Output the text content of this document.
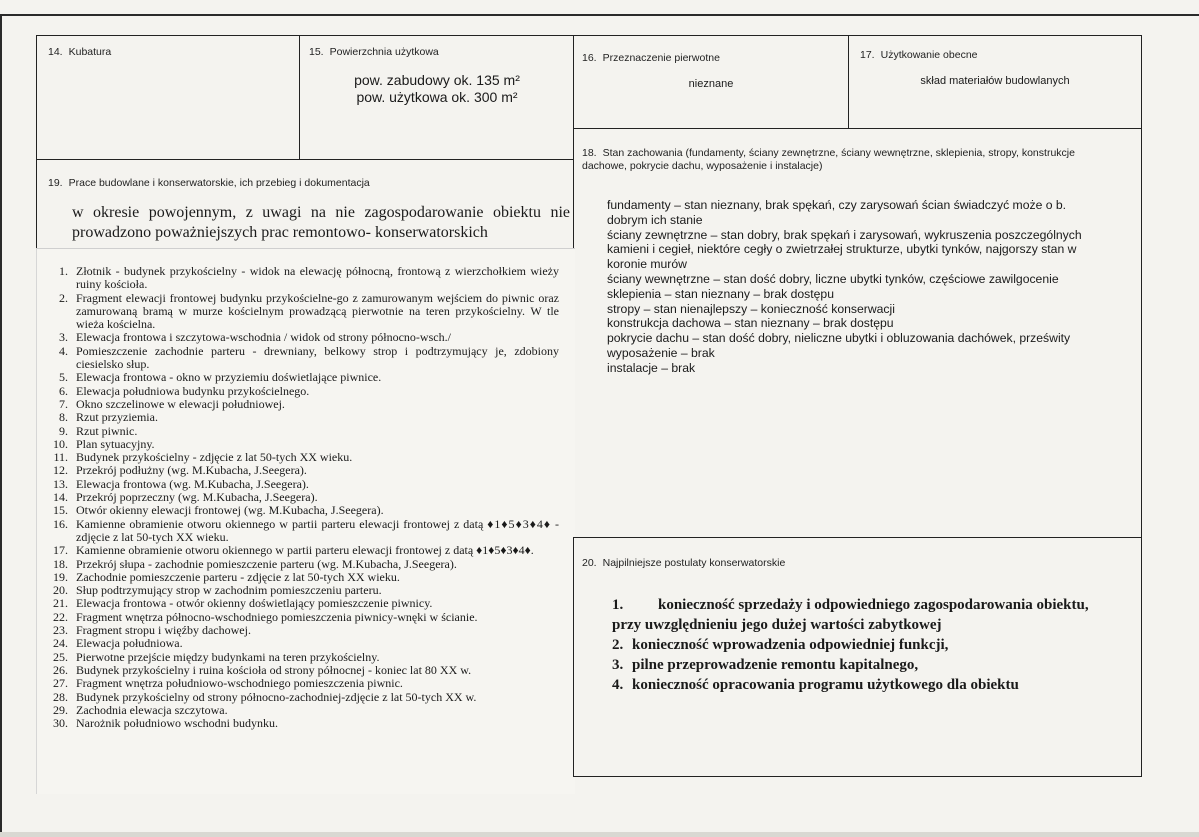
14. Kubatura	15. Powierzchnia użytkowa
pow. zabudowy ok. 135 m²
pow. użytkowa ok. 300 m²
16. Przeznaczenie pierwotne
nieznane
17. Użytkowanie obecne
skład materiałów budowlanych
18. Stan zachowania (fundamenty, ściany zewnętrzne, ściany wewnętrzne, sklepienia, stropy, konstrukcje dachowe, pokrycie dachu, wyposażenie i instalacje)
fundamenty – stan nieznany, brak spękań, czy zarysowań ścian świadczyć może o b. dobrym ich stanie
ściany zewnętrzne – stan dobry, brak spękań i zarysowań, wykruszenia poszczególnych kamieni i cegieł, niektóre cegły o zwietrzałej strukturze, ubytki tynków, najgorszy stan w koronie murów
ściany wewnętrzne – stan dość dobry, liczne ubytki tynków, częściowe zawilgocenie
sklepienia – stan nieznany – brak dostępu
stropy – stan nienajlepszy – konieczność konserwacji
konstrukcja dachowa – stan nieznany – brak dostępu
pokrycie dachu – stan dość dobry, nieliczne ubytki i obluzowania dachówek, prześwity
wyposażenie – brak
instalacje – brak
19. Prace budowlane i konserwatorskie, ich przebieg i dokumentacja
w okresie powojennym, z uwagi na nie zagospodarowanie obiektu nie prowadzono poważniejszych prac remontowo- konserwatorskich
1. Złotnik - budynek przykościelny - widok na elewację północną, frontową z wierzchołkiem wieży ruiny kościoła.
2. Fragment elewacji frontowej budynku przykościelne-go z zamurowanym wejściem do piwnic oraz zamurowaną bramą w murze kościelnym prowadzącą pierwotnie na teren przykościelny. W tle wieża kościelna.
3. Elewacja frontowa i szczytowa-wschodnia / widok od strony północno-wsch./
4. Pomieszczenie zachodnie parteru - drewniany, belkowy strop i podtrzymujący je, zdobiony ciesielsko słup.
5. Elewacja frontowa - okno w przyziemiu doświetlające piwnice.
6. Elewacja południowa budynku przykościelnego.
7. Okno szczelinowe w elewacji południowej.
8. Rzut przyziemia.
9. Rzut piwnic.
10. Plan sytuacyjny.
11. Budynek przykościelny - zdjęcie z lat 50-tych XX wieku.
12. Przekrój podłużny (wg. M.Kubacha, J.Seegera).
13. Elewacja frontowa (wg. M.Kubacha, J.Seegera).
14. Przekrój poprzeczny (wg. M.Kubacha, J.Seegera).
15. Otwór okienny elewacji frontowej (wg. M.Kubacha, J.Seegera).
16. Kamienne obramienie otworu okiennego w partii parteru elewacji frontowej z datą ♦1♦5♦3♦4♦ - zdjęcie z lat 50-tych XX wieku.
17. Kamienne obramienie otworu okiennego w partii parteru elewacji frontowej z datą ♦1♦5♦3♦4♦.
18. Przekrój słupa - zachodnie pomieszczenie parteru (wg. M.Kubacha, J.Seegera).
19. Zachodnie pomieszczenie parteru - zdjęcie z lat 50-tych XX wieku.
20. Słup podtrzymujący strop w zachodnim pomieszczeniu parteru.
21. Elewacja frontowa - otwór okienny doświetlający pomieszczenie piwnicy.
22. Fragment wnętrza północno-wschodniego pomieszczenia piwnicy-wnęki w ścianie.
23. Fragment stropu i więźby dachowej.
24. Elewacja południowa.
25. Pierwotne przejście między budynkami na teren przykościelny.
26. Budynek przykościelny i ruina kościoła od strony północnej - koniec lat 80 XX w.
27. Fragment wnętrza południowo-wschodniego pomieszczenia piwnic.
28. Budynek przykościelny od strony północno-zachodniej-zdjęcie z lat 50-tych XX w.
29. Zachodnia elewacja szczytowa.
30. Narożnik południowo wschodni budynku.
20. Najpilniejsze postulaty konserwatorskie
1. konieczność sprzedaży i odpowiedniego zagospodarowania obiektu, przy uwzględnieniu jego dużej wartości zabytkowej
2. konieczność wprowadzenia odpowiedniej funkcji,
3. pilne przeprowadzenie remontu kapitalnego,
4. konieczność opracowania programu użytkowego dla obiektu
